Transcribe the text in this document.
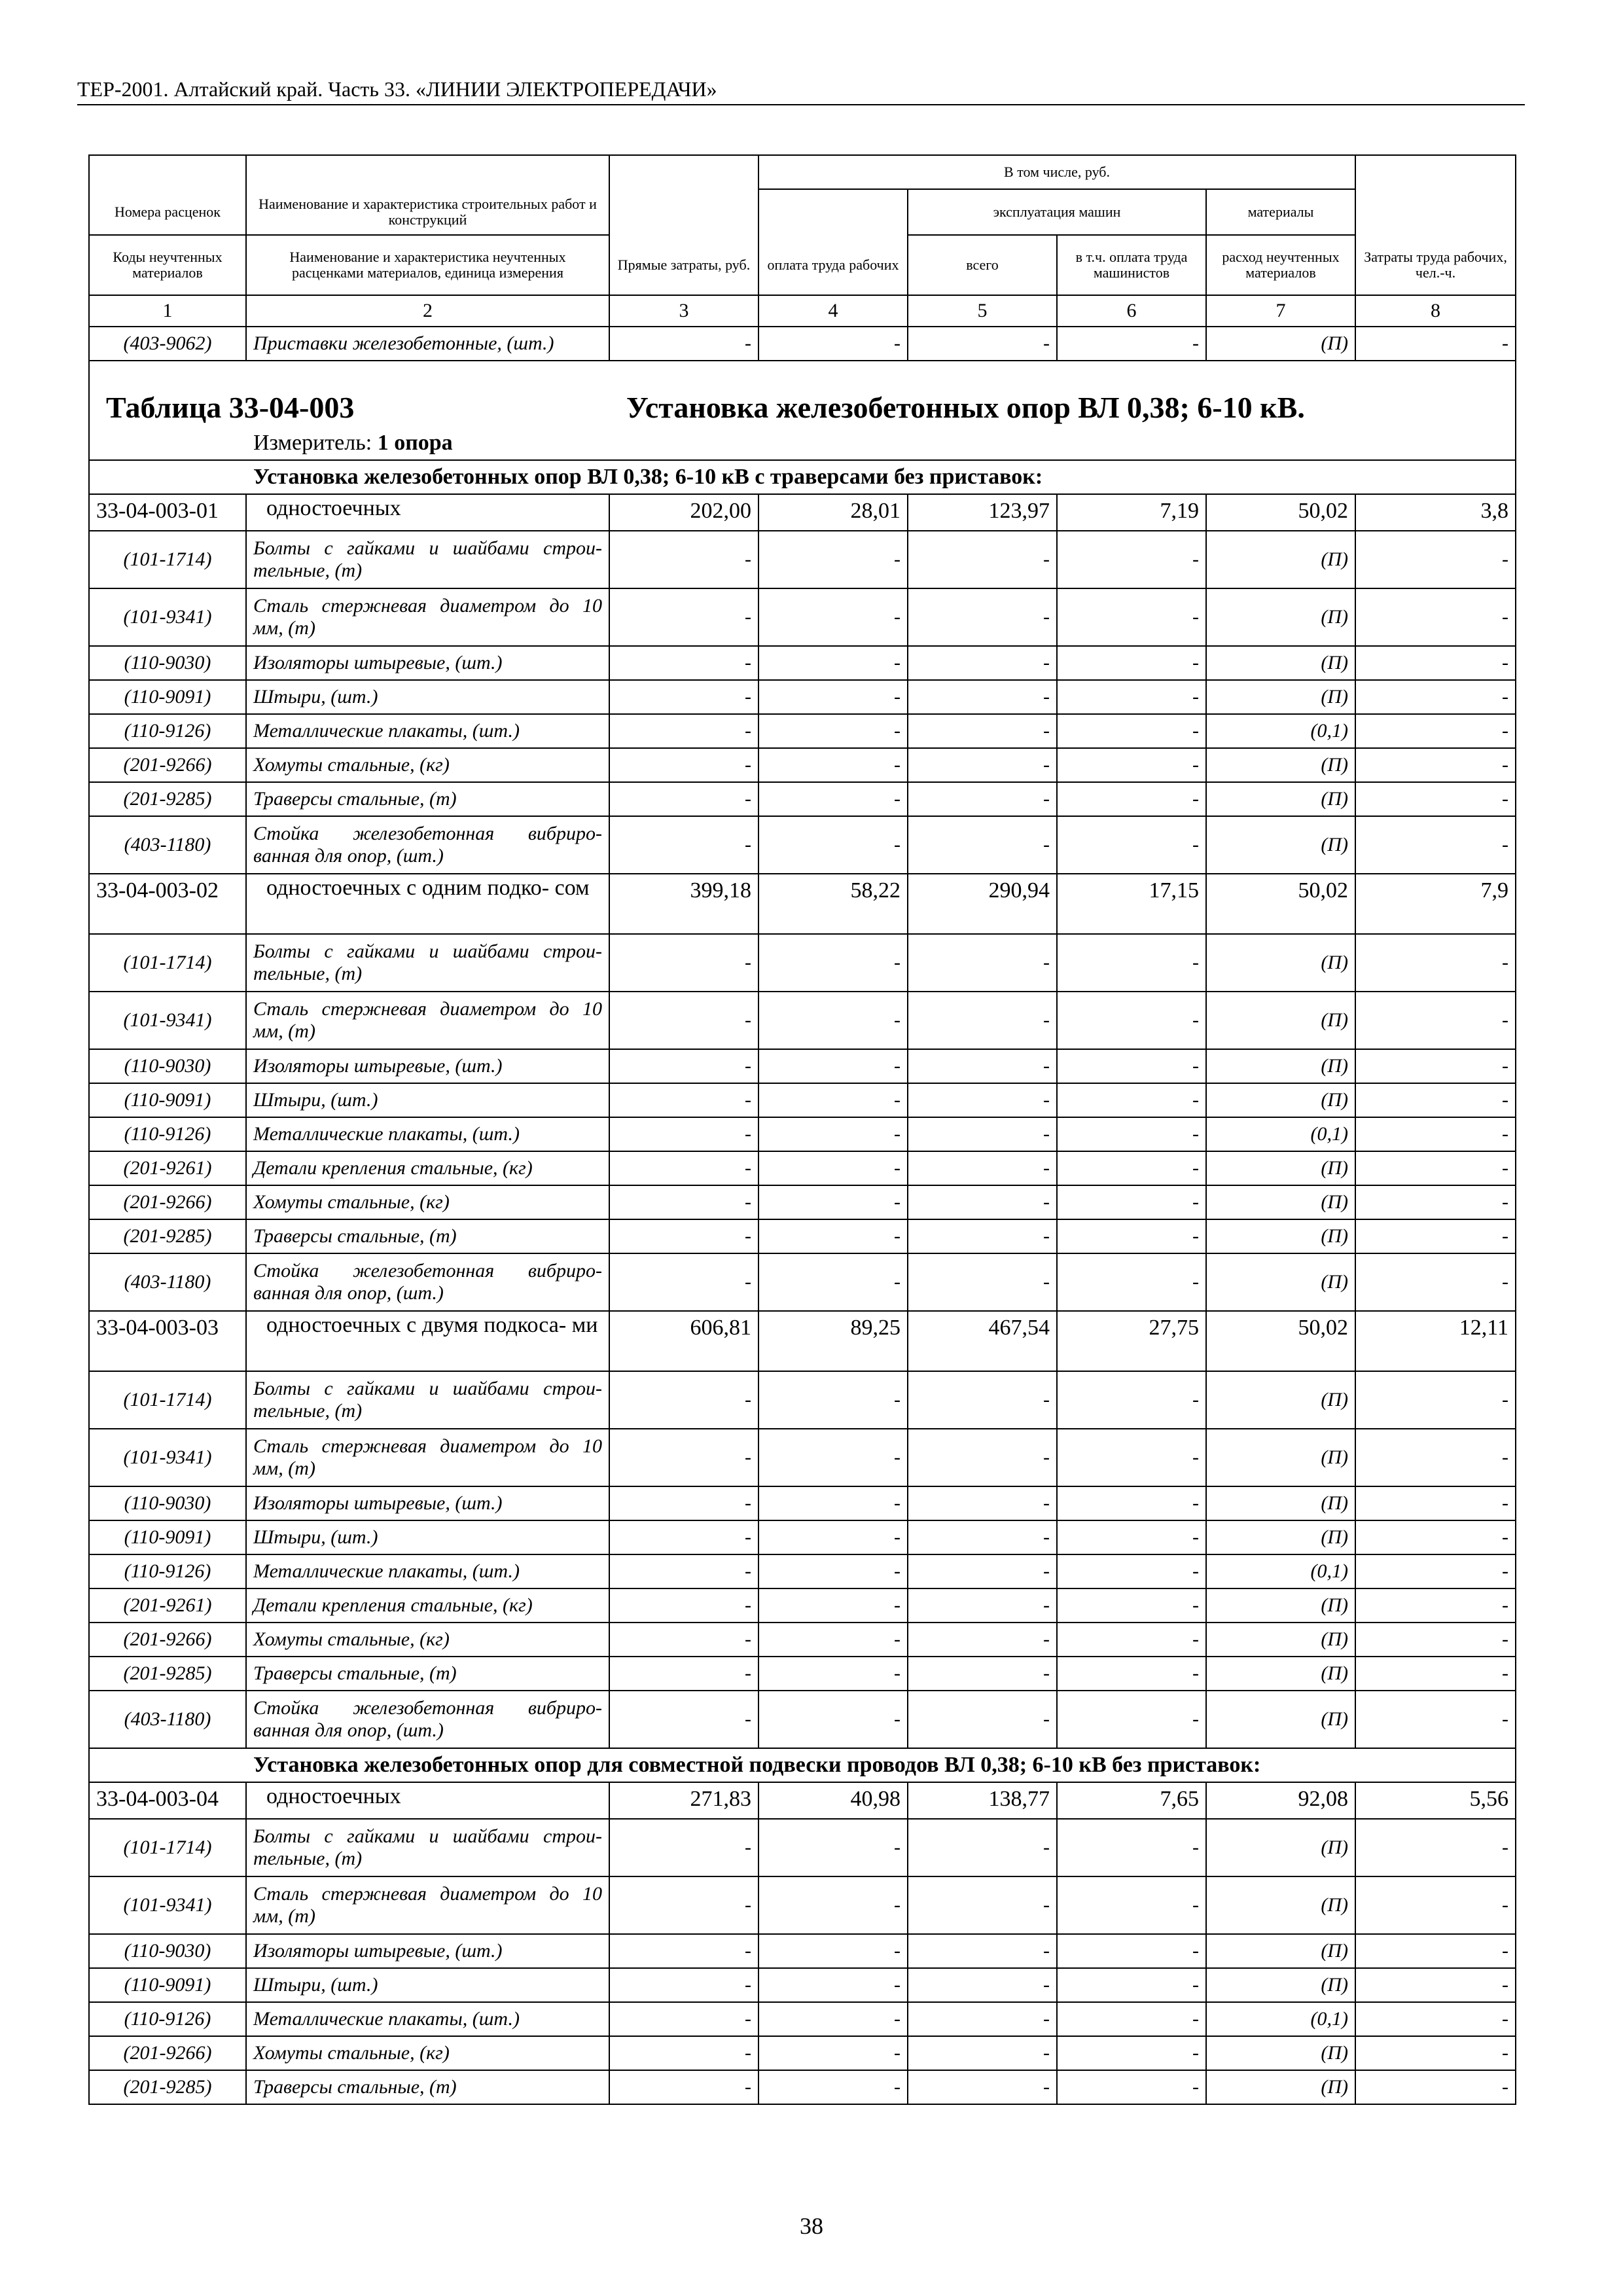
ТЕР-2001. Алтайский край. Часть 33. «ЛИНИИ ЭЛЕКТРОПЕРЕДАЧИ»
			В том числе, руб.				
Номера расценок	Наименование и характеристика строительных работ и конструкций			эксплуатация машин		материалы	
Коды неучтенных материалов	Наименование и характеристика неучтенных расценками материалов, единица измерения	Прямые затраты, руб.	оплата труда рабочих	всего	в т.ч. оплата труда машинистов	расход неучтенных материалов	Затраты труда рабочих, чел.-ч.
1	2	3	4	5	6	7	8
(403-9062)	Приставки железобетонные, (шт.)	-	-	-	-	(П)	-

Таблица 33-04-003 Установка железобетонных опор ВЛ 0,38; 6-10 кВ.
Измеритель: 1 опора							

Установка железобетонных опор ВЛ 0,38; 6-10 кВ с траверсами без приставок:							
33-04-003-01	одностоечных	202,00	28,01	123,97	7,19	50,02	3,8
(101-1714)	Болты с гайками и шайбами строи- тельные, (т)	-	-	-	-	(П)	-
(101-9341)	Сталь стержневая диаметром до 10 мм, (т)	-	-	-	-	(П)	-
(110-9030)	Изоляторы штыревые, (шт.)	-	-	-	-	(П)	-
(110-9091)	Штыри, (шт.)	-	-	-	-	(П)	-
(110-9126)	Металлические плакаты, (шт.)	-	-	-	-	(0,1)	-
(201-9266)	Хомуты стальные, (кг)	-	-	-	-	(П)	-
(201-9285)	Траверсы стальные, (т)	-	-	-	-	(П)	-
(403-1180)	Стойка железобетонная вибриро- ванная для опор, (шт.)	-	-	-	-	(П)	-
33-04-003-02	одностоечных с одним подко- сом	399,18	58,22	290,94	17,15	50,02	7,9
(101-1714)	Болты с гайками и шайбами строи- тельные, (т)	-	-	-	-	(П)	-
(101-9341)	Сталь стержневая диаметром до 10 мм, (т)	-	-	-	-	(П)	-
(110-9030)	Изоляторы штыревые, (шт.)	-	-	-	-	(П)	-
(110-9091)	Штыри, (шт.)	-	-	-	-	(П)	-
(110-9126)	Металлические плакаты, (шт.)	-	-	-	-	(0,1)	-
(201-9261)	Детали крепления стальные, (кг)	-	-	-	-	(П)	-
(201-9266)	Хомуты стальные, (кг)	-	-	-	-	(П)	-
(201-9285)	Траверсы стальные, (т)	-	-	-	-	(П)	-
(403-1180)	Стойка железобетонная вибриро- ванная для опор, (шт.)	-	-	-	-	(П)	-
33-04-003-03	одностоечных с двумя подкоса- ми	606,81	89,25	467,54	27,75	50,02	12,11
(101-1714)	Болты с гайками и шайбами строи- тельные, (т)	-	-	-	-	(П)	-
(101-9341)	Сталь стержневая диаметром до 10 мм, (т)	-	-	-	-	(П)	-
(110-9030)	Изоляторы штыревые, (шт.)	-	-	-	-	(П)	-
(110-9091)	Штыри, (шт.)	-	-	-	-	(П)	-
(110-9126)	Металлические плакаты, (шт.)	-	-	-	-	(0,1)	-
(201-9261)	Детали крепления стальные, (кг)	-	-	-	-	(П)	-
(201-9266)	Хомуты стальные, (кг)	-	-	-	-	(П)	-
(201-9285)	Траверсы стальные, (т)	-	-	-	-	(П)	-
(403-1180)	Стойка железобетонная вибриро- ванная для опор, (шт.)	-	-	-	-	(П)	-
Установка железобетонных опор для совместной подвески проводов ВЛ 0,38; 6-10 кВ без приставок:							
33-04-003-04	одностоечных	271,83	40,98	138,77	7,65	92,08	5,56
(101-1714)	Болты с гайками и шайбами строи- тельные, (т)	-	-	-	-	(П)	-
(101-9341)	Сталь стержневая диаметром до 10 мм, (т)	-	-	-	-	(П)	-
(110-9030)	Изоляторы штыревые, (шт.)	-	-	-	-	(П)	-
(110-9091)	Штыри, (шт.)	-	-	-	-	(П)	-
(110-9126)	Металлические плакаты, (шт.)	-	-	-	-	(0,1)	-
(201-9266)	Хомуты стальные, (кг)	-	-	-	-	(П)	-
(201-9285)	Траверсы стальные, (т)	-	-	-	-	(П)	-
38
